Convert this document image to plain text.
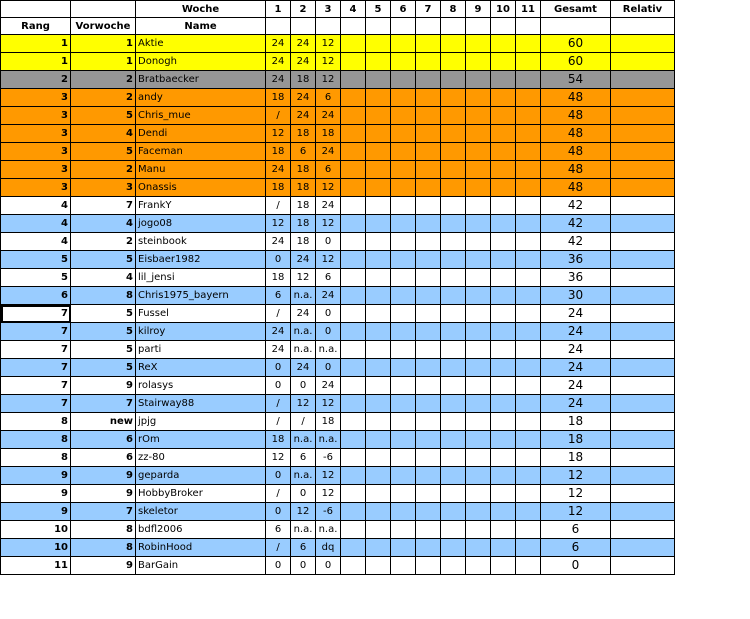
		Woche	1	2	3	4	5	6	7	8	9	10	11	Gesamt	Relativ
Rang	Vorwoche	Name													
1	1	Aktie	24	24	12									60	
1	1	Donogh	24	24	12									60	
2	2	Bratbaecker	24	18	12									54	
3	2	andy	18	24	6									48	
3	5	Chris_mue	/	24	24									48	
3	4	Dendi	12	18	18									48	
3	5	Faceman	18	6	24									48	
3	2	Manu	24	18	6									48	
3	3	Onassis	18	18	12									48	
4	7	FrankY	/	18	24									42	
4	4	jogo08	12	18	12									42	
4	2	steinbook	24	18	0									42	
5	5	Eisbaer1982	0	24	12									36	
5	4	lil_jensi	18	12	6									36	
6	8	Chris1975_bayern	6	n.a.	24									30	
7	5	Fussel	/	24	0									24	
7	5	kilroy	24	n.a.	0									24	
7	5	parti	24	n.a.	n.a.									24	
7	5	ReX	0	24	0									24	
7	9	rolasys	0	0	24									24	
7	7	Stairway88	/	12	12									24	
8	new	jpjg	/	/	18									18	
8	6	rOm	18	n.a.	n.a.									18	
8	6	zz-80	12	6	-6									18	
9	9	geparda	0	n.a.	12									12	
9	9	HobbyBroker	/	0	12									12	
9	7	skeletor	0	12	-6									12	
10	8	bdfl2006	6	n.a.	n.a.									6	
10	8	RobinHood	/	6	dq									6	
11	9	BarGain	0	0	0									0	
